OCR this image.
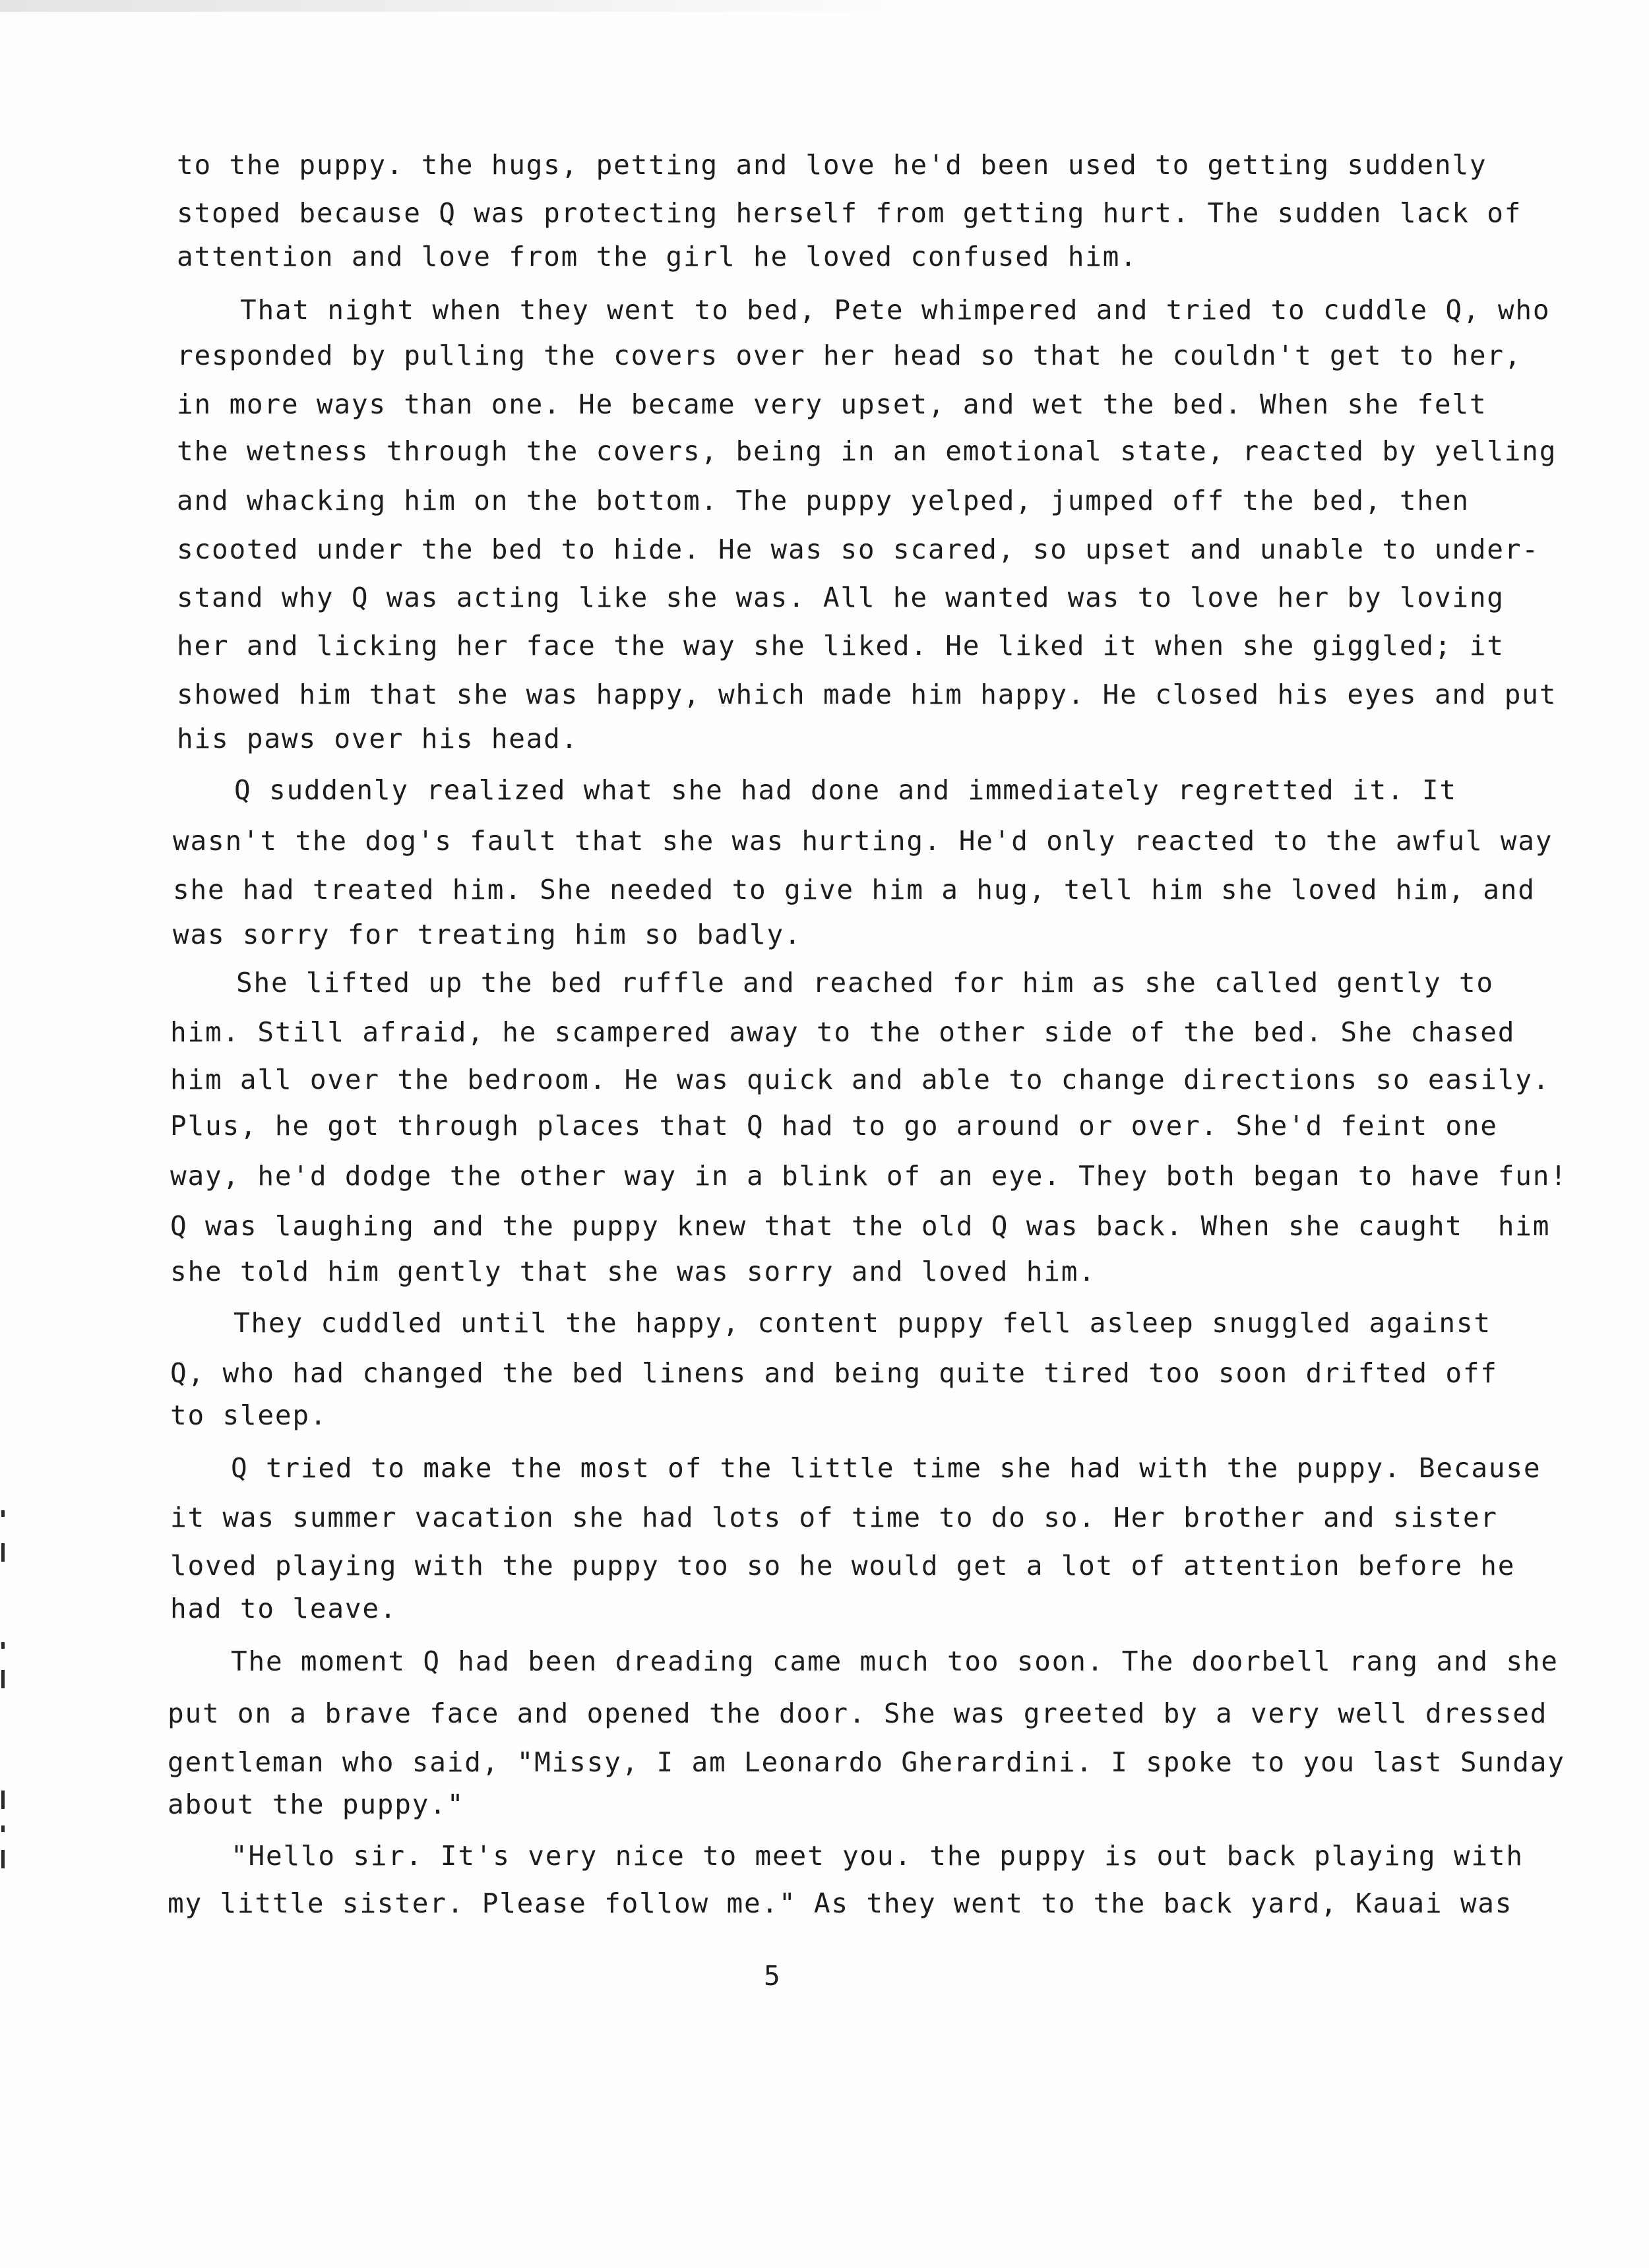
to the puppy. the hugs, petting and love he'd been used to getting suddenly
stoped because Q was protecting herself from getting hurt. The sudden lack of
attention and love from the girl he loved confused him.
That night when they went to bed, Pete whimpered and tried to cuddle Q, who
responded by pulling the covers over her head so that he couldn't get to her,
in more ways than one. He became very upset, and wet the bed. When she felt
the wetness through the covers, being in an emotional state, reacted by yelling
and whacking him on the bottom. The puppy yelped, jumped off the bed, then
scooted under the bed to hide. He was so scared, so upset and unable to under-
stand why Q was acting like she was. All he wanted was to love her by loving
her and licking her face the way she liked. He liked it when she giggled; it
showed him that she was happy, which made him happy. He closed his eyes and put
his paws over his head.
Q suddenly realized what she had done and immediately regretted it. It
wasn't the dog's fault that she was hurting. He'd only reacted to the awful way
she had treated him. She needed to give him a hug, tell him she loved him, and
was sorry for treating him so badly.
She lifted up the bed ruffle and reached for him as she called gently to
him. Still afraid, he scampered away to the other side of the bed. She chased
him all over the bedroom. He was quick and able to change directions so easily.
Plus, he got through places that Q had to go around or over. She'd feint one
way, he'd dodge the other way in a blink of an eye. They both began to have fun!
Q was laughing and the puppy knew that the old Q was back. When she caught  him
she told him gently that she was sorry and loved him.
They cuddled until the happy, content puppy fell asleep snuggled against
Q, who had changed the bed linens and being quite tired too soon drifted off
to sleep.
Q tried to make the most of the little time she had with the puppy. Because
it was summer vacation she had lots of time to do so. Her brother and sister
loved playing with the puppy too so he would get a lot of attention before he
had to leave.
The moment Q had been dreading came much too soon. The doorbell rang and she
put on a brave face and opened the door. She was greeted by a very well dressed
gentleman who said, "Missy, I am Leonardo Gherardini. I spoke to you last Sunday
about the puppy."
"Hello sir. It's very nice to meet you. the puppy is out back playing with
my little sister. Please follow me." As they went to the back yard, Kauai was
5
